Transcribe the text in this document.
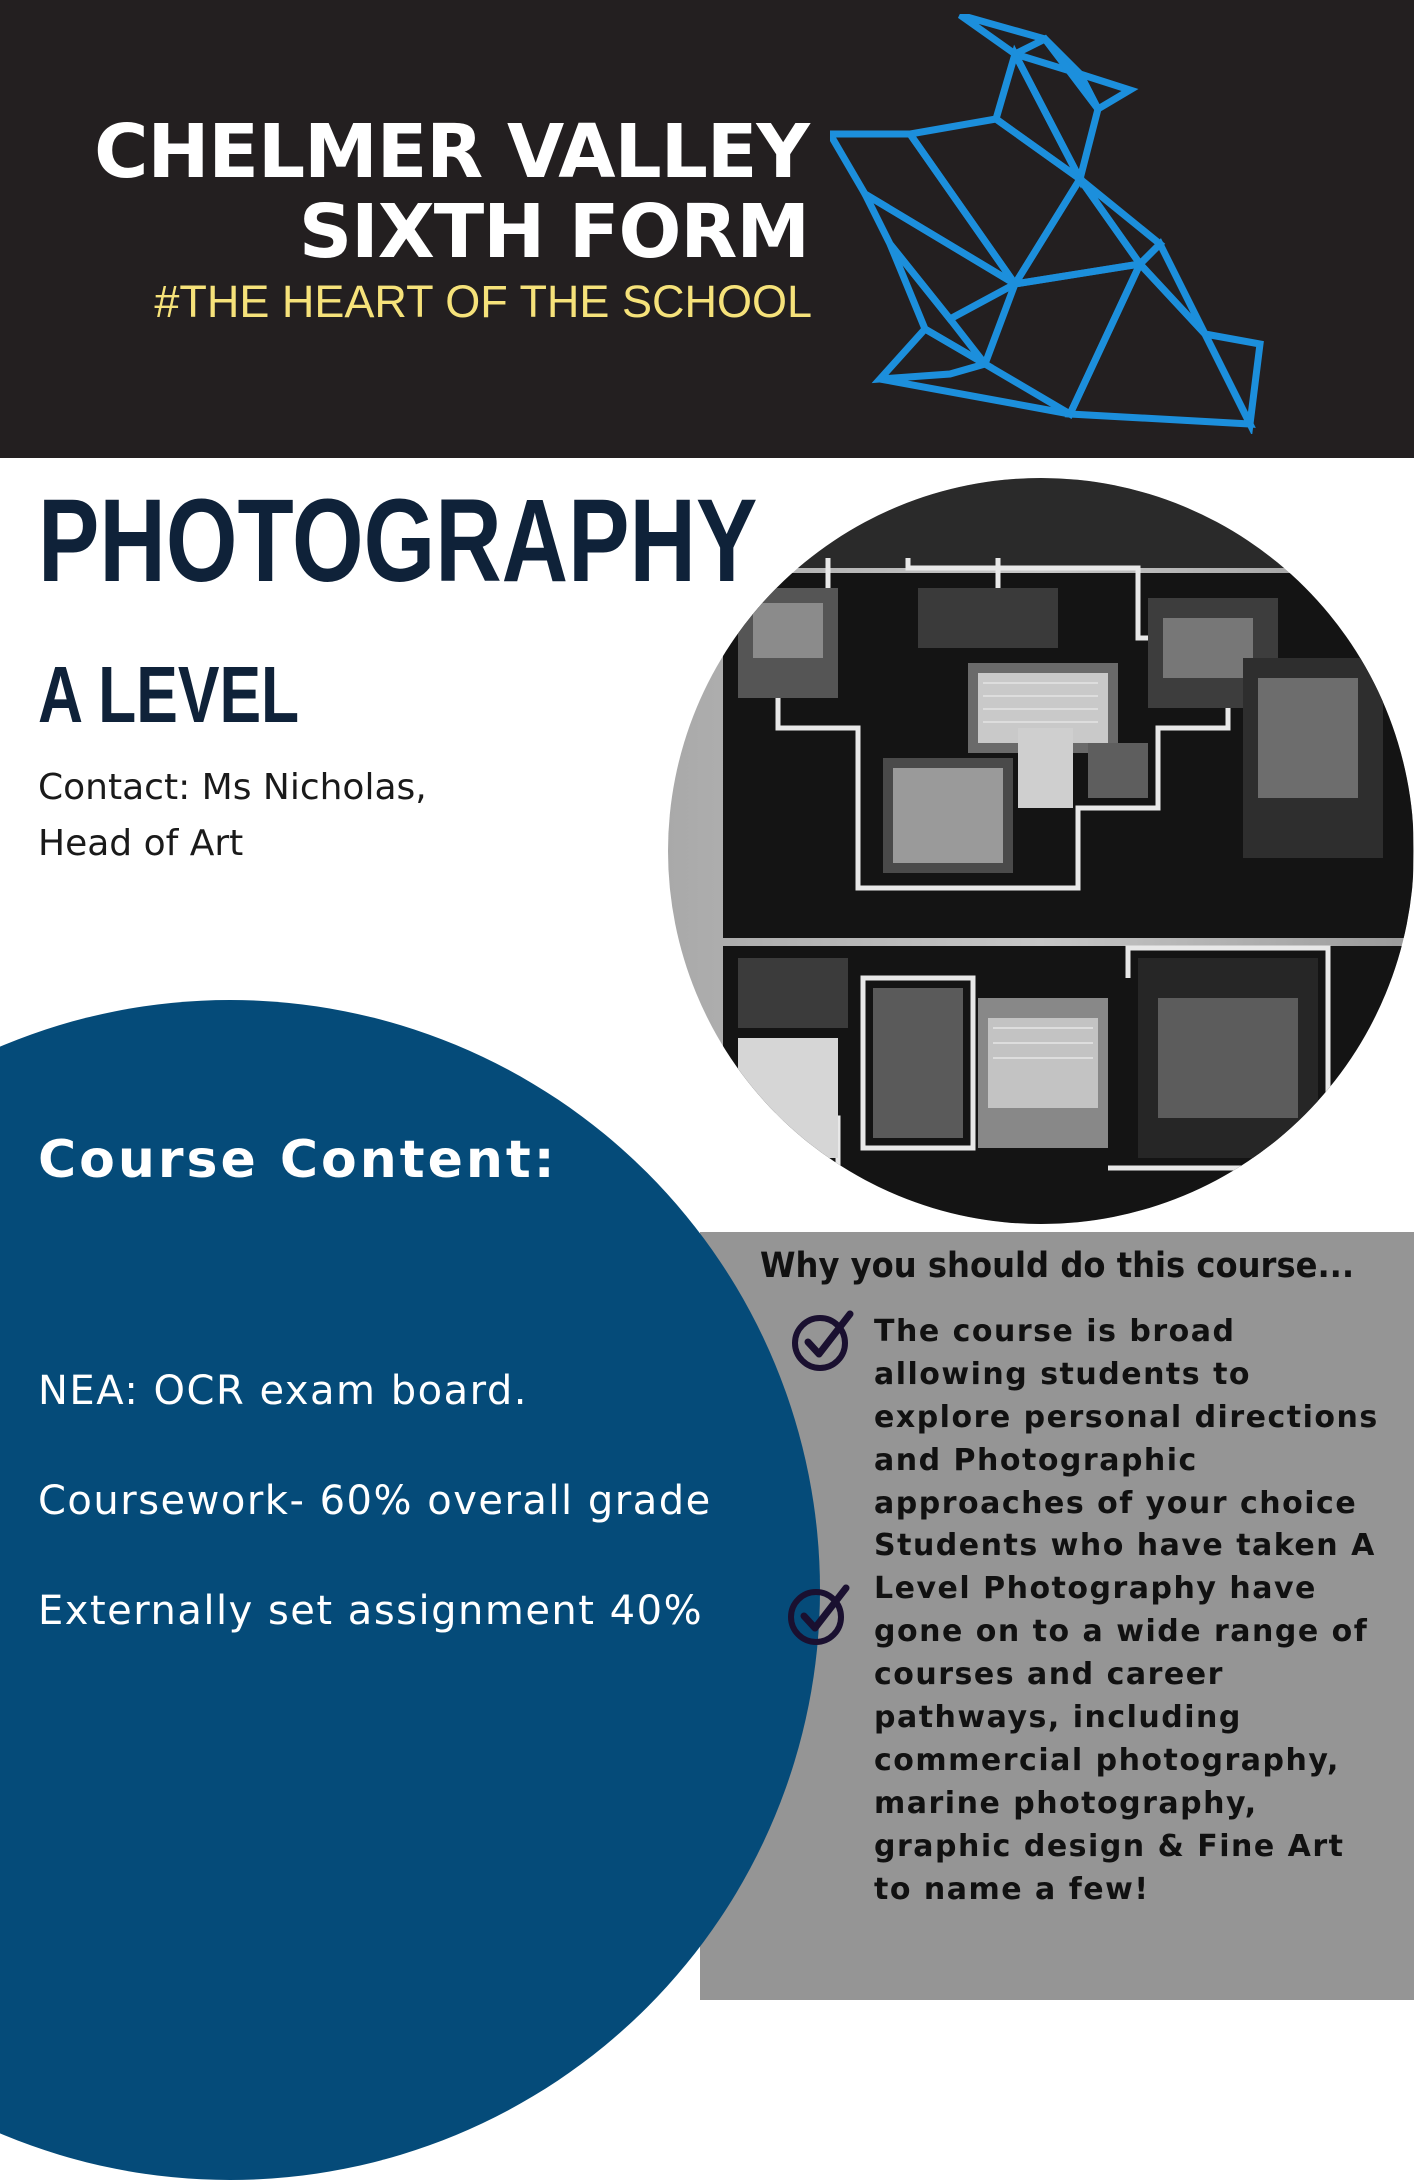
CHELMER VALLEY
SIXTH FORM
#THE HEART OF THE SCHOOL
PHOTOGRAPHY
A LEVEL
Contact: Ms Nicholas,
Head of Art
Course Content:
NEA: OCR exam board.
Coursework- 60% overall grade
Externally set assignment 40%
Why you should do this course...
The course is broad allowing students to explore personal directions and Photographic approaches of your choice
Students who have taken A Level Photography have gone on to a wide range of courses and career pathways, including commercial photography, marine photography, graphic design & Fine Art to name a few!
